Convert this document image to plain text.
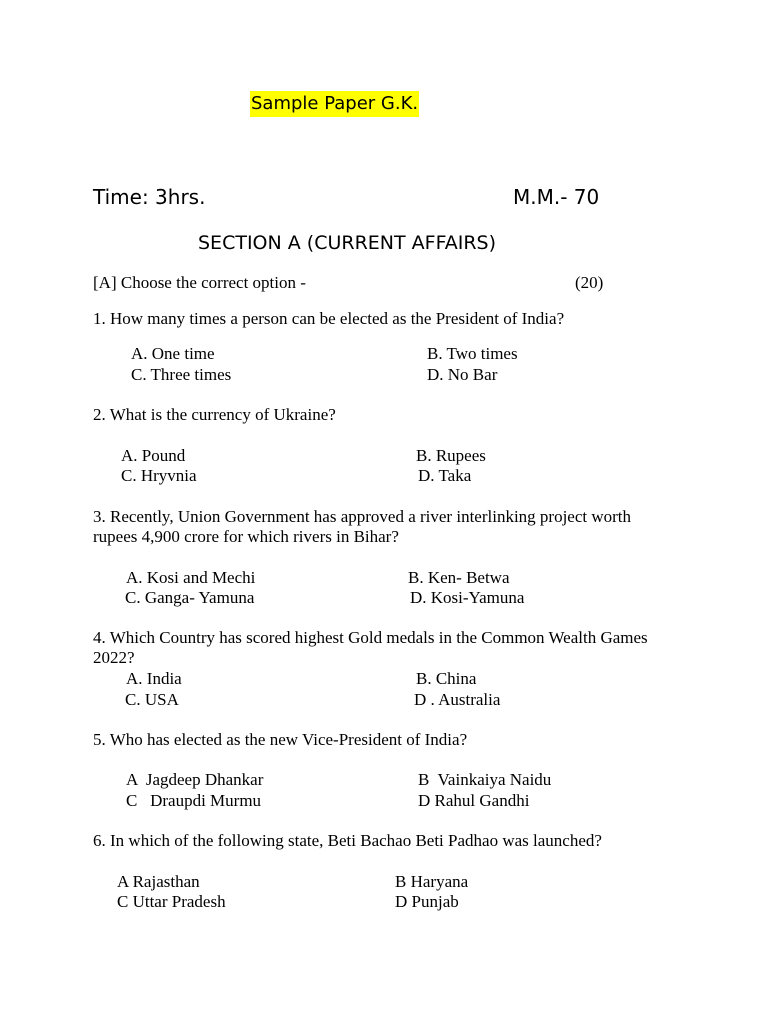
Sample Paper G.K.
Time: 3hrs.	M.M.- 70
SECTION A (CURRENT AFFAIRS)
[A] Choose the correct option -	(20)
1. How many times a person can be elected as the President of India?
A. One time	B. Two times
C. Three times	D. No Bar
2. What is the currency of Ukraine?
A. Pound	B. Rupees
C. Hryvnia	D. Taka
3. Recently, Union Government has approved a river interlinking project worth rupees 4,900 crore for which rivers in Bihar?
A. Kosi and Mechi	B. Ken- Betwa
C. Ganga- Yamuna	D. Kosi-Yamuna
4. Which Country has scored highest Gold medals in the Common Wealth Games 2022?
A. India	B. China
C. USA	D . Australia
5. Who has elected as the new Vice-President of India?
A  Jagdeep Dhankar	B  Vainkaiya Naidu
C   Draupdi Murmu	D Rahul Gandhi
6. In which of the following state, Beti Bachao Beti Padhao was launched?
A Rajasthan	B Haryana
C Uttar Pradesh	D Punjab
